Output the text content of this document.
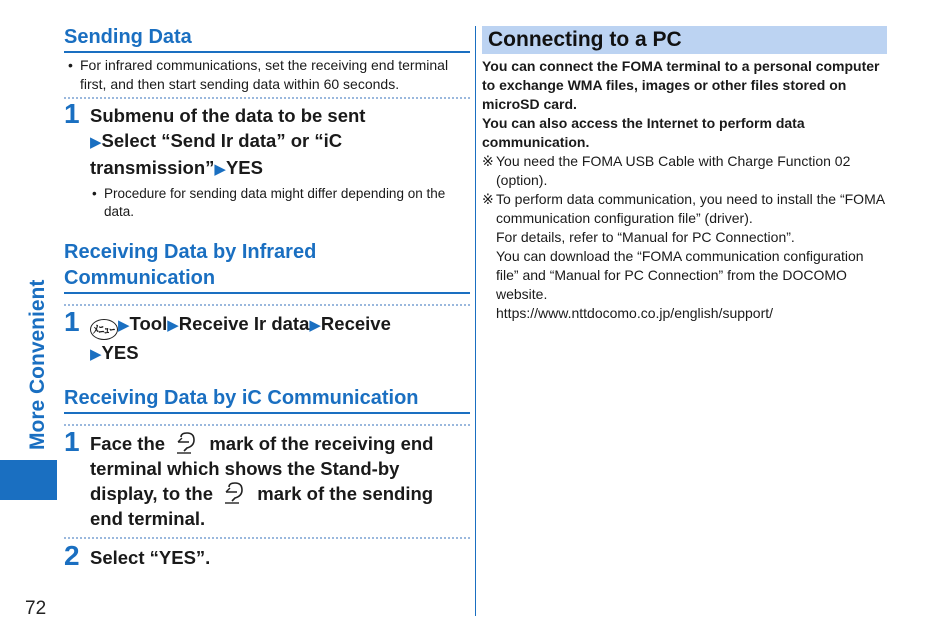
More Convenient
72
Sending Data
• For infrared communications, set the receiving end terminal first, and then start sending data within 60 seconds.
1 Submenu of the data to be sent
▶Select “Send Ir data” or “iC transmission”▶YES
• Procedure for sending data might differ depending on the data.
Receiving Data by Infrared Communication
1 ﾒﾆｭｰ ▶Tool▶Receive Ir data▶Receive
▶YES
Receiving Data by iC Communication
1 Face the mark of the receiving end terminal which shows the Stand-by display, to the mark of the sending end terminal.
2 Select “YES”.
Connecting to a PC
You can connect the FOMA terminal to a personal computer to exchange WMA files, images or other files stored on microSD card.
You can also access the Internet to perform data communication.
※ You need the FOMA USB Cable with Charge Function 02 (option).
※ To perform data communication, you need to install the “FOMA communication configuration file” (driver).
For details, refer to “Manual for PC Connection”.
You can download the “FOMA communication configuration file” and “Manual for PC Connection” from the DOCOMO website.
https://www.nttdocomo.co.jp/english/support/
